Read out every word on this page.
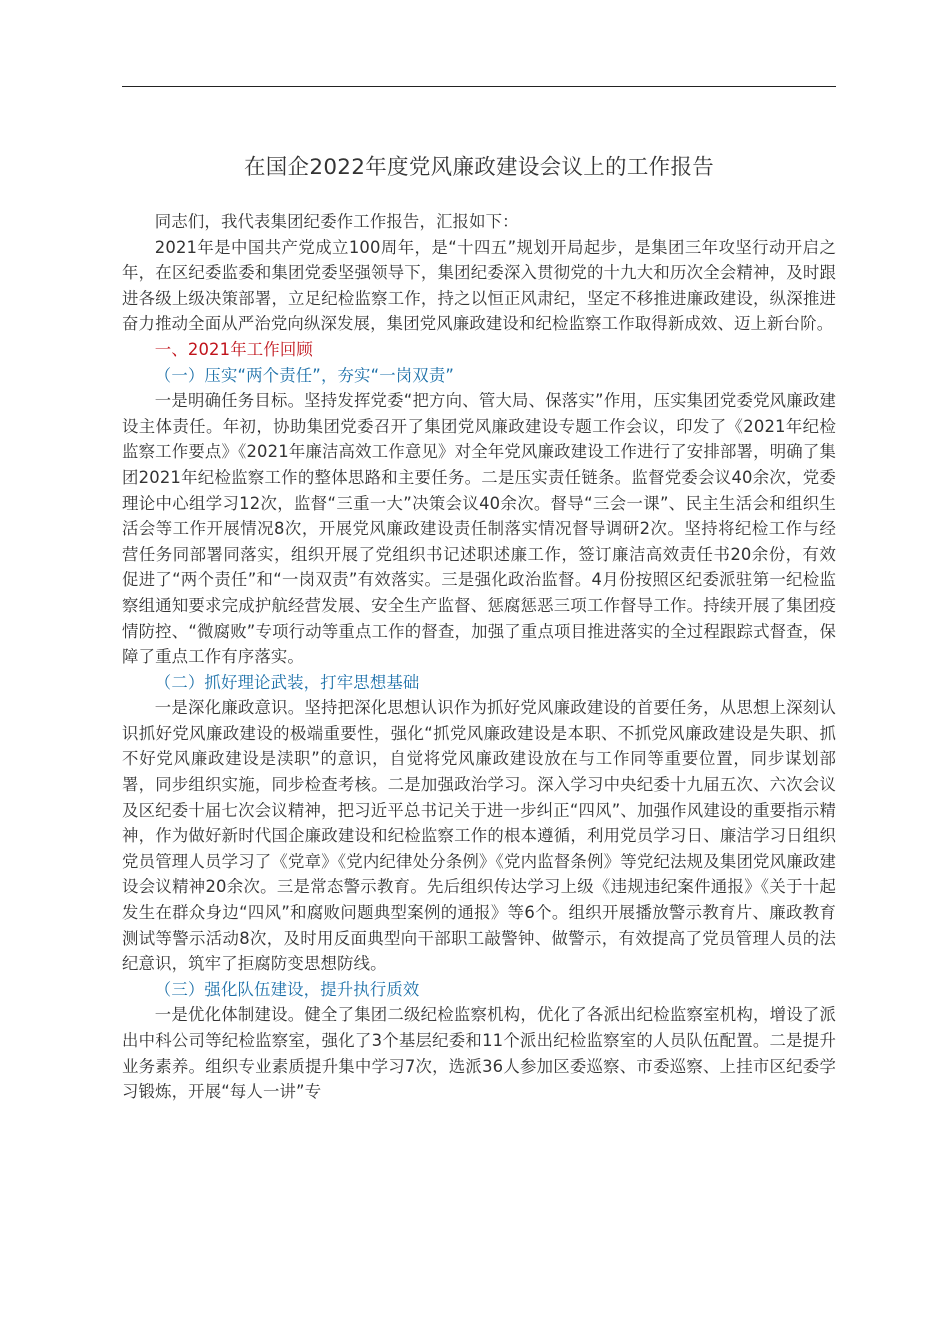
在国企2022年度党风廉政建设会议上的工作报告

同志们，我代表集团纪委作工作报告，汇报如下：

2021年是中国共产党成立100周年，是“十四五”规划开局起步，是集团三年攻坚行动开启之年，在区纪委监委和集团党委坚强领导下，集团纪委深入贯彻党的十九大和历次全会精神，及时跟进各级上级决策部署，立足纪检监察工作，持之以恒正风肃纪，坚定不移推进廉政建设，纵深推进奋力推动全面从严治党向纵深发展，集团党风廉政建设和纪检监察工作取得新成效、迈上新台阶。

一、2021年工作回顾

（一）压实“两个责任”，夯实“一岗双责”

一是明确任务目标。坚持发挥党委“把方向、管大局、保落实”作用，压实集团党委党风廉政建设主体责任。年初，协助集团党委召开了集团党风廉政建设专题工作会议，印发了《2021年纪检监察工作要点》《2021年廉洁高效工作意见》对全年党风廉政建设工作进行了安排部署，明确了集团2021年纪检监察工作的整体思路和主要任务。二是压实责任链条。监督党委会议40余次，党委理论中心组学习12次，监督“三重一大”决策会议40余次。督导“三会一课”、民主生活会和组织生活会等工作开展情况8次，开展党风廉政建设责任制落实情况督导调研2次。坚持将纪检工作与经营任务同部署同落实，组织开展了党组织书记述职述廉工作，签订廉洁高效责任书20余份，有效促进了“两个责任”和“一岗双责”有效落实。三是强化政治监督。4月份按照区纪委派驻第一纪检监察组通知要求完成护航经营发展、安全生产监督、惩腐惩恶三项工作督导工作。持续开展了集团疫情防控、“微腐败”专项行动等重点工作的督查，加强了重点项目推进落实的全过程跟踪式督查，保障了重点工作有序落实。

（二）抓好理论武装，打牢思想基础

一是深化廉政意识。坚持把深化思想认识作为抓好党风廉政建设的首要任务，从思想上深刻认识抓好党风廉政建设的极端重要性，强化“抓党风廉政建设是本职、不抓党风廉政建设是失职、抓不好党风廉政建设是渎职”的意识，自觉将党风廉政建设放在与工作同等重要位置，同步谋划部署，同步组织实施，同步检查考核。二是加强政治学习。深入学习中央纪委十九届五次、六次会议及区纪委十届七次会议精神，把习近平总书记关于进一步纠正“四风”、加强作风建设的重要指示精神，作为做好新时代国企廉政建设和纪检监察工作的根本遵循，利用党员学习日、廉洁学习日组织党员管理人员学习了《党章》《党内纪律处分条例》《党内监督条例》等党纪法规及集团党风廉政建设会议精神20余次。三是常态警示教育。先后组织传达学习上级《违规违纪案件通报》《关于十起发生在群众身边“四风”和腐败问题典型案例的通报》等6个。组织开展播放警示教育片、廉政教育测试等警示活动8次，及时用反面典型向干部职工敲警钟、做警示，有效提高了党员管理人员的法纪意识，筑牢了拒腐防变思想防线。

（三）强化队伍建设，提升执行质效

一是优化体制建设。健全了集团二级纪检监察机构，优化了各派出纪检监察室机构，增设了派出中科公司等纪检监察室，强化了3个基层纪委和11个派出纪检监察室的人员队伍配置。二是提升业务素养。组织专业素质提升集中学习7次，选派36人参加区委巡察、市委巡察、上挂市区纪委学习锻炼，开展“每人一讲”专
